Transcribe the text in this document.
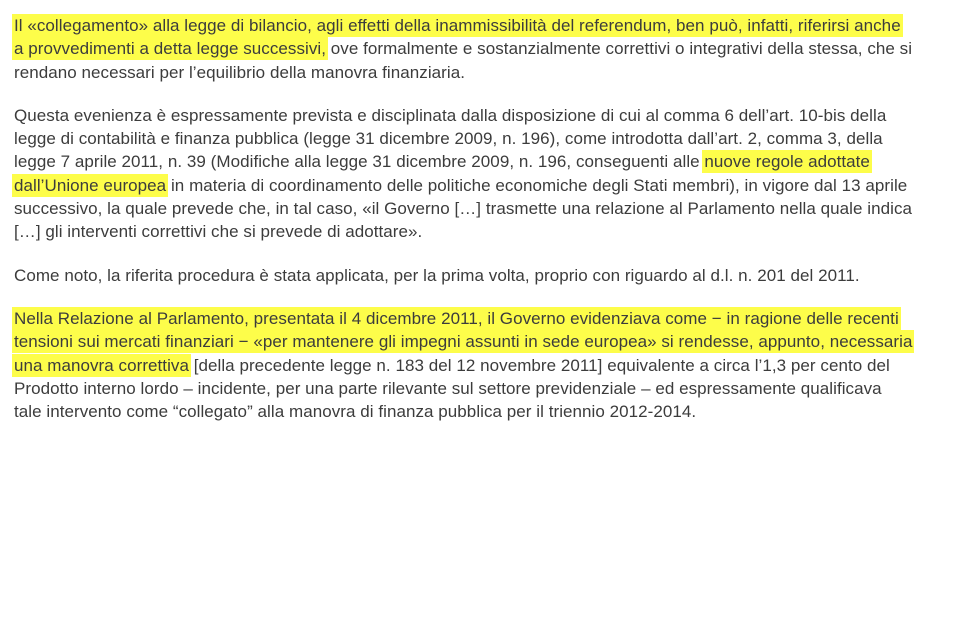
Il «collegamento» alla legge di bilancio, agli effetti della inammissibilità del referendum, ben può, infatti, riferirsi anche a provvedimenti a detta legge successivi, ove formalmente e sostanzialmente correttivi o integrativi della stessa, che si rendano necessari per l’equilibrio della manovra finanziaria.

Questa evenienza è espressamente prevista e disciplinata dalla disposizione di cui al comma 6 dell’art. 10-bis della legge di contabilità e finanza pubblica (legge 31 dicembre 2009, n. 196), come introdotta dall’art. 2, comma 3, della legge 7 aprile 2011, n. 39 (Modifiche alla legge 31 dicembre 2009, n. 196, conseguenti alle nuove regole adottate dall’Unione europea in materia di coordinamento delle politiche economiche degli Stati membri), in vigore dal 13 aprile successivo, la quale prevede che, in tal caso, «il Governo […] trasmette una relazione al Parlamento nella quale indica […] gli interventi correttivi che si prevede di adottare».

Come noto, la riferita procedura è stata applicata, per la prima volta, proprio con riguardo al d.l. n. 201 del 2011.

Nella Relazione al Parlamento, presentata il 4 dicembre 2011, il Governo evidenziava come − in ragione delle recenti tensioni sui mercati finanziari − «per mantenere gli impegni assunti in sede europea» si rendesse, appunto, necessaria una manovra correttiva [della precedente legge n. 183 del 12 novembre 2011] equivalente a circa l’1,3 per cento del Prodotto interno lordo – incidente, per una parte rilevante sul settore previdenziale – ed espressamente qualificava tale intervento come “collegato” alla manovra di finanza pubblica per il triennio 2012-2014.
